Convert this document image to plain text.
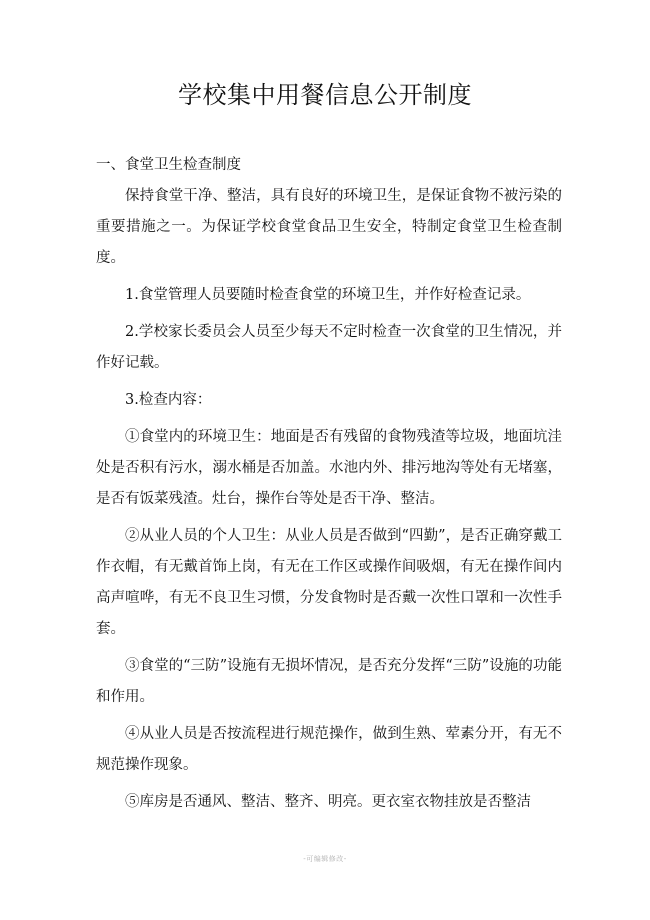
学校集中用餐信息公开制度

一、食堂卫生检查制度

保持食堂干净、整洁，具有良好的环境卫生，是保证食物不被污染的重要措施之一。为保证学校食堂食品卫生安全，特制定食堂卫生检查制度。

1.食堂管理人员要随时检查食堂的环境卫生，并作好检查记录。

2.学校家长委员会人员至少每天不定时检查一次食堂的卫生情况，并作好记载。

3.检查内容：

①食堂内的环境卫生：地面是否有残留的食物残渣等垃圾，地面坑洼处是否积有污水，溺水桶是否加盖。水池内外、排污地沟等处有无堵塞，是否有饭菜残渣。灶台，操作台等处是否干净、整洁。

②从业人员的个人卫生：从业人员是否做到“四勤”，是否正确穿戴工作衣帽，有无戴首饰上岗，有无在工作区或操作间吸烟，有无在操作间内高声喧哗，有无不良卫生习惯，分发食物时是否戴一次性口罩和一次性手套。

③食堂的“三防”设施有无损坏情况，是否充分发挥“三防”设施的功能和作用。

④从业人员是否按流程进行规范操作，做到生熟、荤素分开，有无不规范操作现象。

⑤库房是否通风、整洁、整齐、明亮。更衣室衣物挂放是否整洁

-可编辑修改-
